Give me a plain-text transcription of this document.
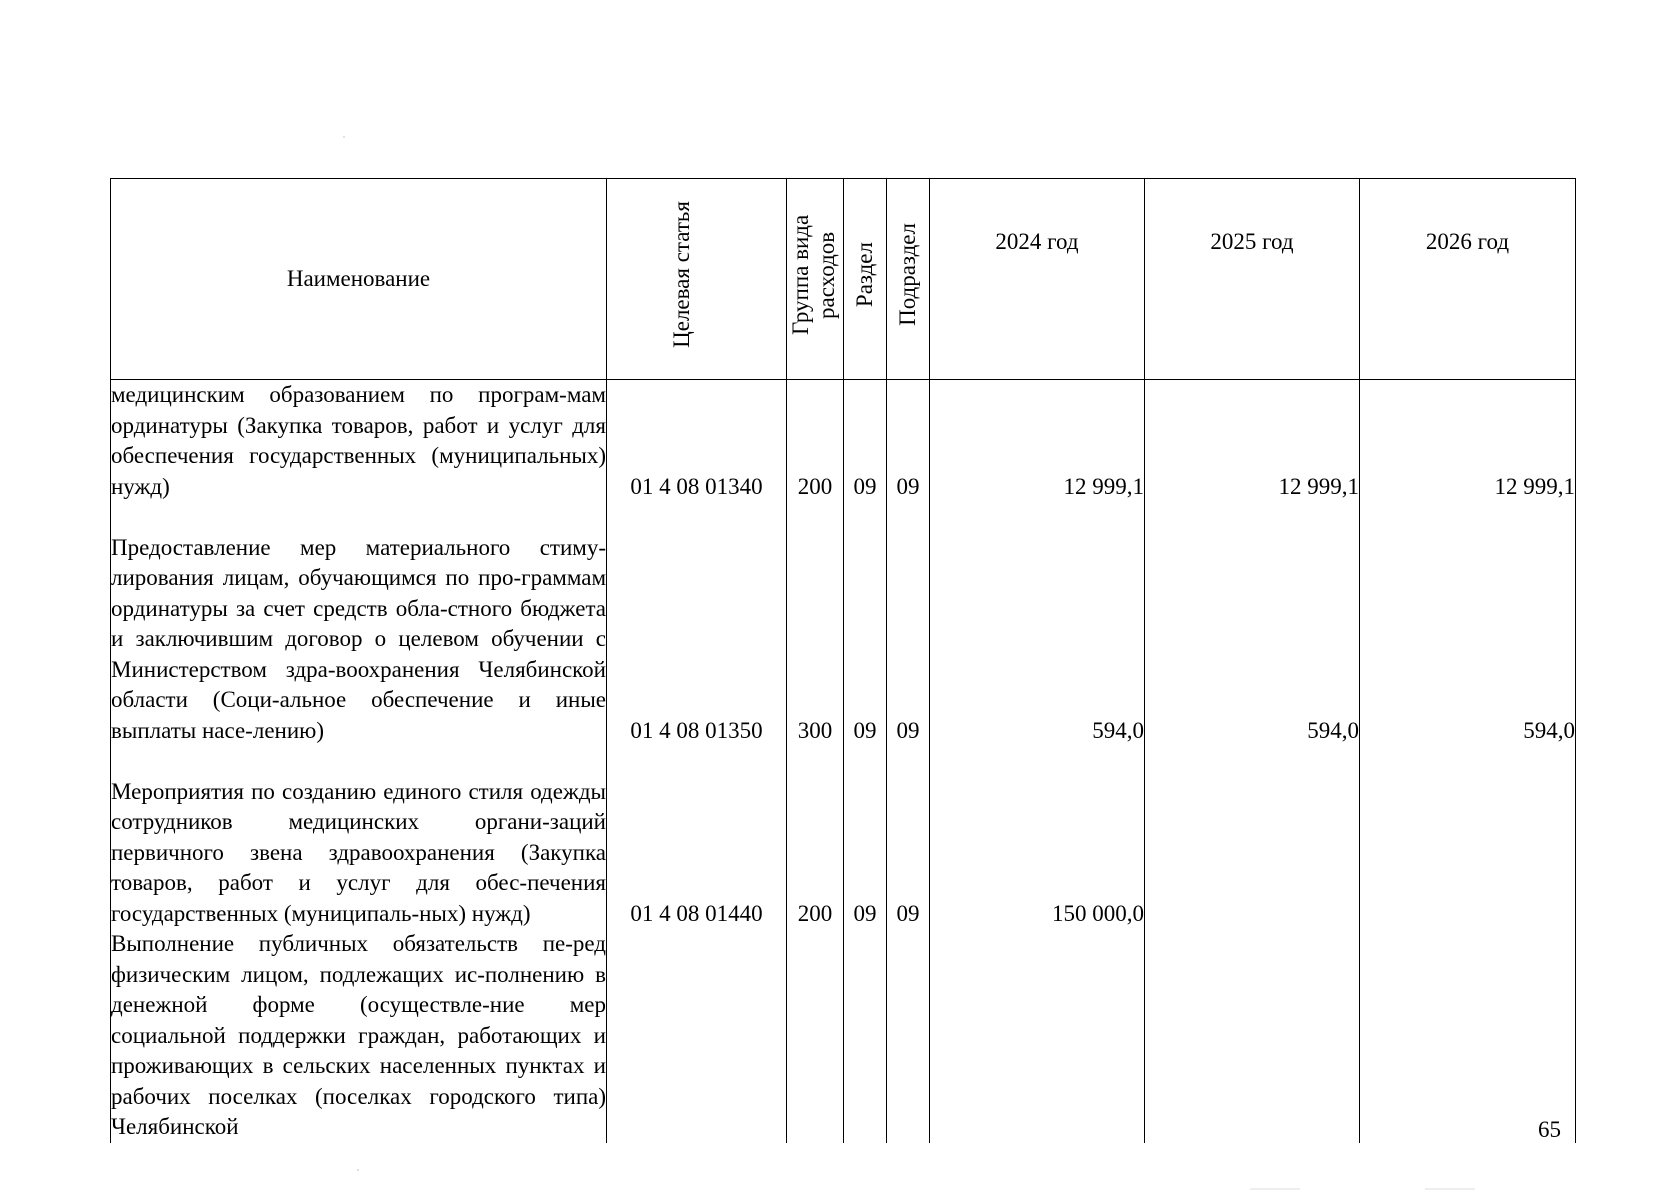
Наименование	Целевая статья	Группа вида расходов	Раздел	Подраздел	2024 год	2025 год	2026 год
медицинским образованием по програм-мам ординатуры (Закупка товаров, работ и услуг для обеспечения государственных (муниципальных) нужд)	01 4 08 01340	200	09	09	12 999,1	12 999,1	12 999,1
Предоставление мер материального стиму-лирования лицам, обучающимся по про-граммам ординатуры за счет средств обла-стного бюджета и заключившим договор о целевом обучении с Министерством здра-воохранения Челябинской области (Соци-альное обеспечение и иные выплаты насе-лению)	01 4 08 01350	300	09	09	594,0	594,0	594,0
Мероприятия по созданию единого стиля одежды сотрудников медицинских органи-заций первичного звена здравоохранения (Закупка товаров, работ и услуг для обес-печения государственных (муниципаль-ных) нужд)	01 4 08 01440	200	09	09	150 000,0		
Выполнение публичных обязательств пе-ред физическим лицом, подлежащих ис-полнению в денежной форме (осуществле-ние мер социальной поддержки граждан, работающих и проживающих в сельских населенных пунктах и рабочих поселках (поселках городского типа) Челябинской								65
